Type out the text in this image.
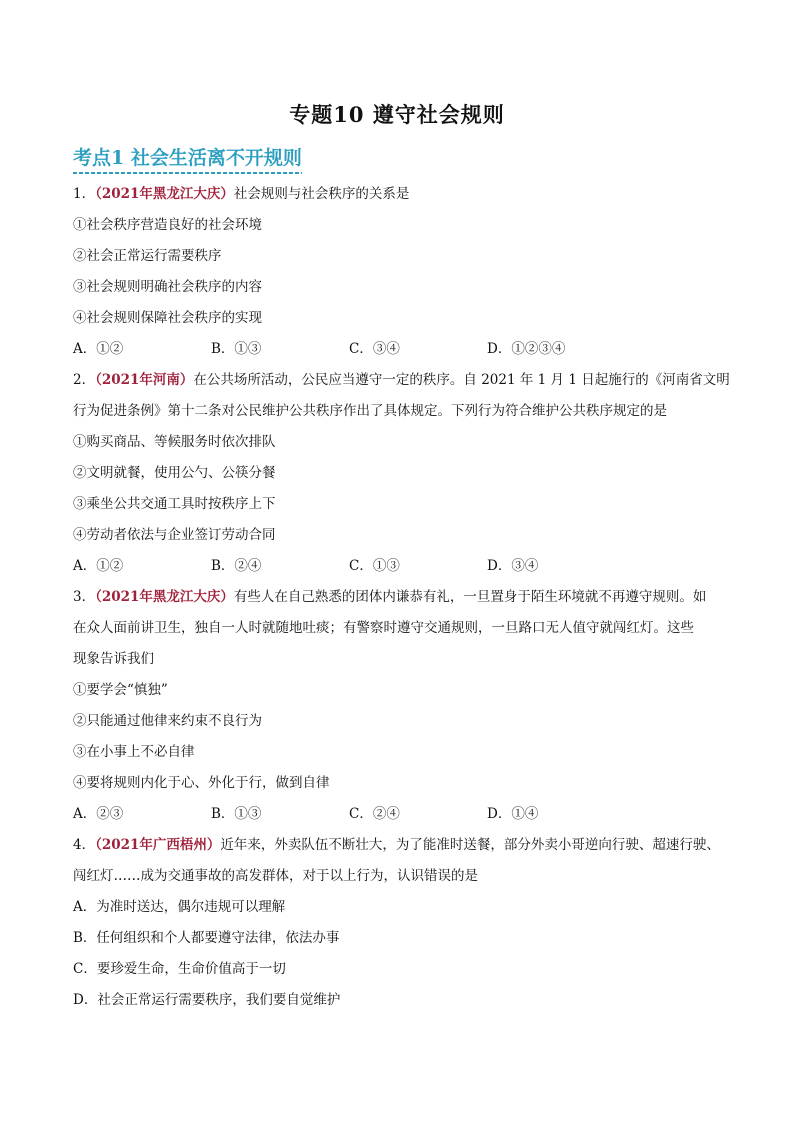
专题10 遵守社会规则
考点1 社会生活离不开规则
1．（2021年黑龙江大庆）社会规则与社会秩序的关系是
①社会秩序营造良好的社会环境
②社会正常运行需要秩序
③社会规则明确社会秩序的内容
④社会规则保障社会秩序的实现
A．①②	B．①③	C．③④	D．①②③④
2．（2021年河南）在公共场所活动，公民应当遵守一定的秩序。自 2021 年 1 月 1 日起施行的《河南省文明
行为促进条例》第十二条对公民维护公共秩序作出了具体规定。下列行为符合维护公共秩序规定的是
①购买商品、等候服务时依次排队
②文明就餐，使用公勺、公筷分餐
③乘坐公共交通工具时按秩序上下
④劳动者依法与企业签订劳动合同
A．①②	B．②④	C．①③	D．③④
3．（2021年黑龙江大庆）有些人在自己熟悉的团体内谦恭有礼，一旦置身于陌生环境就不再遵守规则。如
在众人面前讲卫生，独自一人时就随地吐痰；有警察时遵守交通规则，一旦路口无人值守就闯红灯。这些
现象告诉我们
①要学会“慎独”
②只能通过他律来约束不良行为
③在小事上不必自律
④要将规则内化于心、外化于行，做到自律
A．②③	B．①③	C．②④	D．①④
4．（2021年广西梧州）近年来，外卖队伍不断壮大，为了能准时送餐，部分外卖小哥逆向行驶、超速行驶、
闯红灯……成为交通事故的高发群体，对于以上行为，认识错误的是
A．为准时送达，偶尔违规可以理解
B．任何组织和个人都要遵守法律，依法办事
C．要珍爱生命，生命价值高于一切
D．社会正常运行需要秩序，我们要自觉维护
